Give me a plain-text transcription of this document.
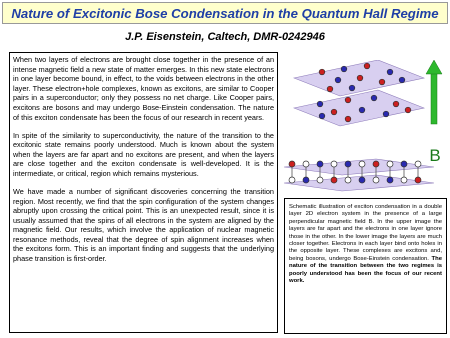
Nature of Excitonic Bose Condensation in the Quantum Hall Regime
J.P. Eisenstein, Caltech, DMR-0242946

When two layers of electrons are brought close together in the presence of an intense magnetic field a new state of matter emerges. In this new state electrons in one layer become bound, in effect, to the voids between electrons in the other layer. These electron+hole complexes, known as excitons, are similar to Cooper pairs in a superconductor; only they possess no net charge. Like Cooper pairs, excitons are bosons and may undergo Bose-Einstein condensation. The nature of this exciton condensate has been the focus of our research in recent years.

In spite of the similarity to superconductivity, the nature of the transition to the excitonic state remains poorly understood. Much is known about the system when the layers are far apart and no excitons are present, and when the layers are close together and the exciton condensate is well-developed. It is the intermediate, or critical, region which remains mysterious.

We have made a number of significant discoveries concerning the transition region. Most recently, we find that the spin configuration of the system changes abruptly upon crossing the critical point. This is an unexpected result, since it is usually assumed that the spins of all electrons in the system are aligned by the magnetic field. Our results, which involve the application of nuclear magnetic resonance methods, reveal that the degree of spin alignment increases when the excitons form. This is an important finding and suggests that the underlying phase transition is first-order.

B

Schematic illustration of exciton condensation in a double layer 2D electron system in the presence of a large perpendicular magnetic field B. In the upper image the layers are far apart and the electrons in one layer ignore those in the other. In the lower image the layers are much closer together. Electrons in each layer bind onto holes in the opposite layer. These complexes are excitons and, being bosons, undergo Bose-Einstein condensation. The nature of the transition between the two regimes is poorly understood has been the focus of our recent work.
